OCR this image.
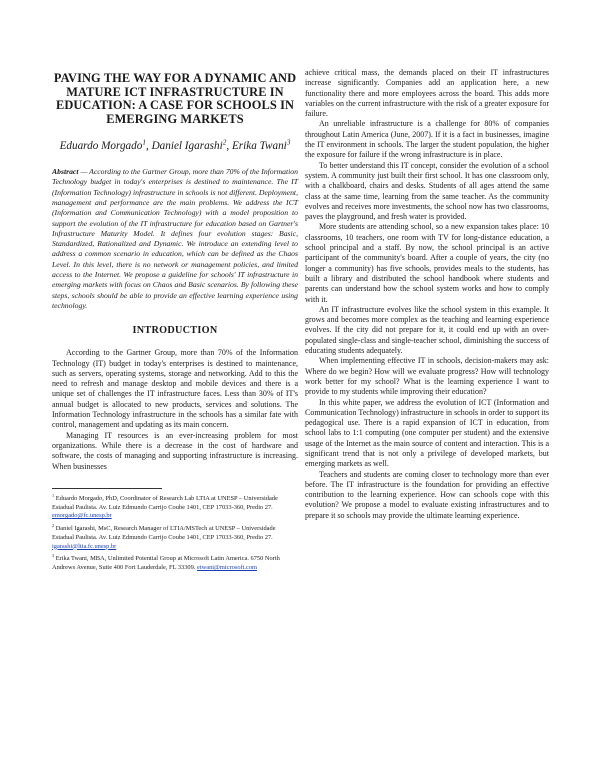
PAVING THE WAY FOR A DYNAMIC AND MATURE ICT INFRASTRUCTURE IN EDUCATION: A CASE FOR SCHOOLS IN EMERGING MARKETS
Eduardo Morgado$^1$, Daniel Igarashi$^2$, Erika Twani$^3$
Abstract — According to the Gartner Group, more than 70% of the Information Technology budget in today's enterprises is destined to maintenance. The IT (Information Technology) infrastructure in schools is not different. Deployment, management and performance are the main problems. We address the ICT (Information and Communication Technology) with a model proposition to support the evolution of the IT infrastructure for education based on Gartner's Infrastructure Maturity Model. It defines four evolution stages: Basic, Standardized, Rationalized and Dynamic. We introduce an extending level to address a common scenario in education, which can be defined as the Chaos Level. In this level, there is no network or management policies, and limited access to the Internet. We propose a guideline for schools' IT infrastructure in emerging markets with focus on Chaos and Basic scenarios. By following these steps, schools should be able to provide an effective learning experience using technology.
INTRODUCTION

According to the Gartner Group, more than 70% of the Information Technology (IT) budget in today's enterprises is destined to maintenance, such as servers, operating systems, storage and networking. Add to this the need to refresh and manage desktop and mobile devices and there is a unique set of challenges the IT infrastructure faces. Less than 30% of IT's annual budget is allocated to new products, services and solutions. The Information Technology infrastructure in the schools has a similar fate with control, management and updating as its main concern.

Managing IT resources is an ever-increasing problem for most organizations. While there is a decrease in the cost of hardware and software, the costs of managing and supporting infrastructure is increasing. When businesses

$^1$ Eduardo Morgado, PhD, Coordinator of Research Lab LTIA at UNESP – Universidade Estadual Paulista. Av. Luiz Edmundo Carrijo Coube 1401, CEP 17033-360, Predio 27. emorgado@fc.unesp.br
$^2$ Daniel Igarashi, MsC, Research Manager of LTIA/MSTech at UNESP – Universidade Estadual Paulista. Av. Luiz Edmundo Carrijo Coube 1401, CEP 17033-360, Predio 27. igarashi@ltia.fc.unesp.br
$^3$ Erika Twani, MBA, Unlimited Potential Group at Microsoft Latin America. 6750 North Andrews Avenue, Suite 400 Fort Lauderdale, FL 33309. etwani@microsoft.com

achieve critical mass, the demands placed on their IT infrastructures increase significantly. Companies add an application here, a new functionality there and more employees across the board. This adds more variables on the current infrastructure with the risk of a greater exposure for failure.

An unreliable infrastructure is a challenge for 80% of companies throughout Latin America (June, 2007). If it is a fact in businesses, imagine the IT environment in schools. The larger the student population, the higher the exposure for failure if the wrong infrastructure is in place.

To better understand this IT concept, consider the evolution of a school system. A community just built their first school. It has one classroom only, with a chalkboard, chairs and desks. Students of all ages attend the same class at the same time, learning from the same teacher. As the community evolves and receives more investments, the school now has two classrooms, paves the playground, and fresh water is provided.

More students are attending school, so a new expansion takes place: 10 classrooms, 10 teachers, one room with TV for long-distance education, a school principal and a staff. By now, the school principal is an active participant of the community's board. After a couple of years, the city (no longer a community) has five schools, provides meals to the students, has built a library and distributed the school handbook where students and parents can understand how the school system works and how to comply with it.

An IT infrastructure evolves like the school system in this example. It grows and becomes more complex as the teaching and learning experience evolves. If the city did not prepare for it, it could end up with an over-populated single-class and single-teacher school, diminishing the success of educating students adequately.

When implementing effective IT in schools, decision-makers may ask: Where do we begin? How will we evaluate progress? How will technology work better for my school? What is the learning experience I want to provide to my students while improving their education?

In this white paper, we address the evolution of ICT (Information and Communication Technology) infrastructure in schools in order to support its pedagogical use. There is a rapid expansion of ICT in education, from school labs to 1:1 computing (one computer per student) and the extensive usage of the Internet as the main source of content and interaction. This is a significant trend that is not only a privilege of developed markets, but emerging markets as well.

Teachers and students are coming closer to technology more than ever before. The IT infrastructure is the foundation for providing an effective contribution to the learning experience. How can schools cope with this evolution? We propose a model to evaluate existing infrastructures and to prepare it so schools may provide the ultimate learning experience.
